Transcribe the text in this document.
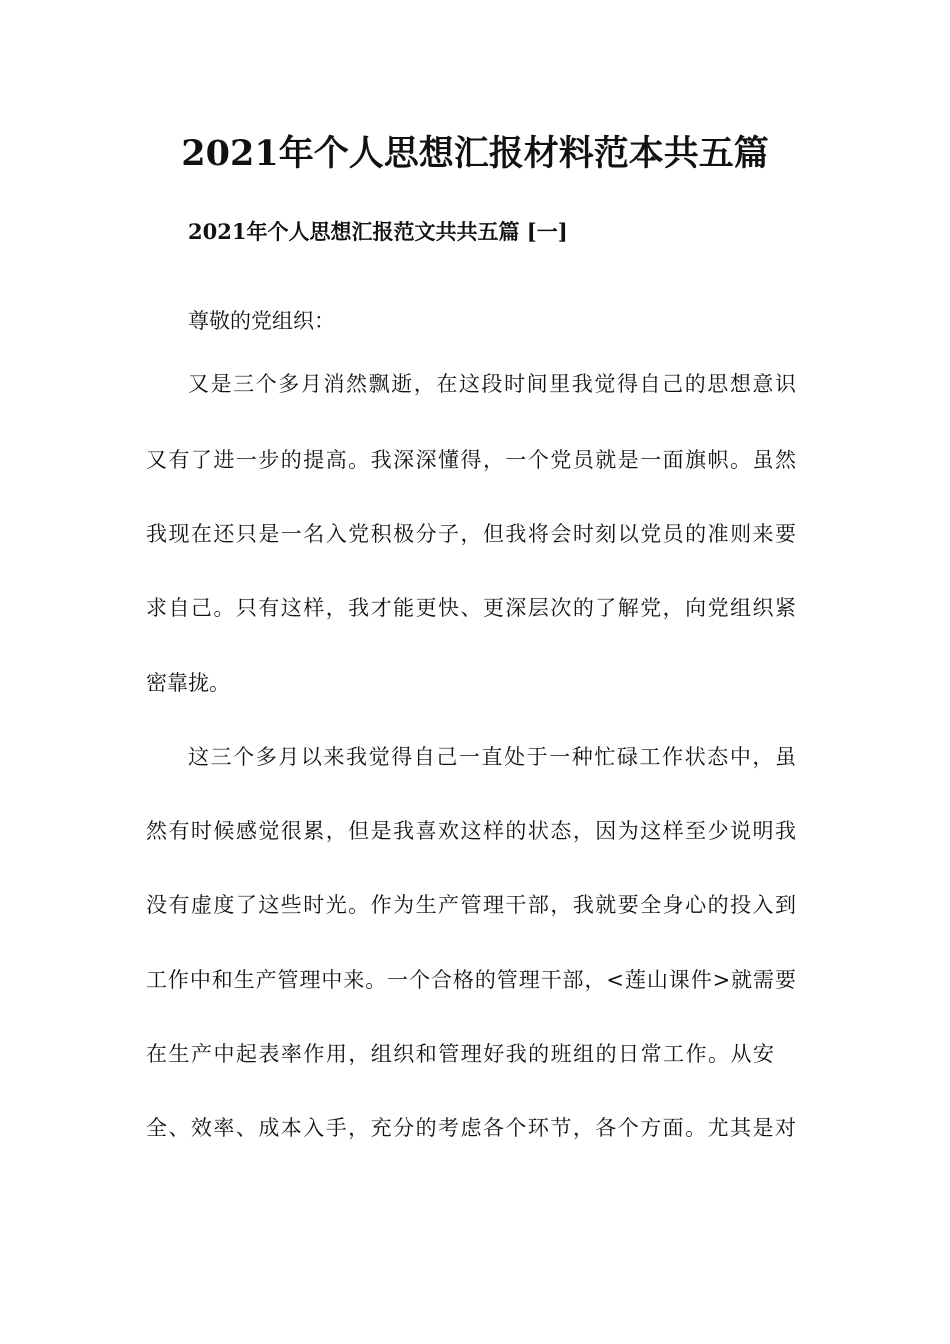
2021年个人思想汇报材料范本共五篇
2021年个人思想汇报范文共共五篇 [一]
尊敬的党组织：
又是三个多月消然飘逝，在这段时间里我觉得自己的思想意识
又有了进一步的提高。我深深懂得，一个党员就是一面旗帜。虽然
我现在还只是一名入党积极分子，但我将会时刻以党员的准则来要
求自己。只有这样，我才能更快、更深层次的了解党，向党组织紧
密靠拢。
这三个多月以来我觉得自己一直处于一种忙碌工作状态中，虽
然有时候感觉很累，但是我喜欢这样的状态，因为这样至少说明我
没有虚度了这些时光。作为生产管理干部，我就要全身心的投入到
工作中和生产管理中来。一个合格的管理干部，<莲山课件>就需要
在生产中起表率作用，组织和管理好我的班组的日常工作。从安
全、效率、成本入手，充分的考虑各个环节，各个方面。尤其是对
